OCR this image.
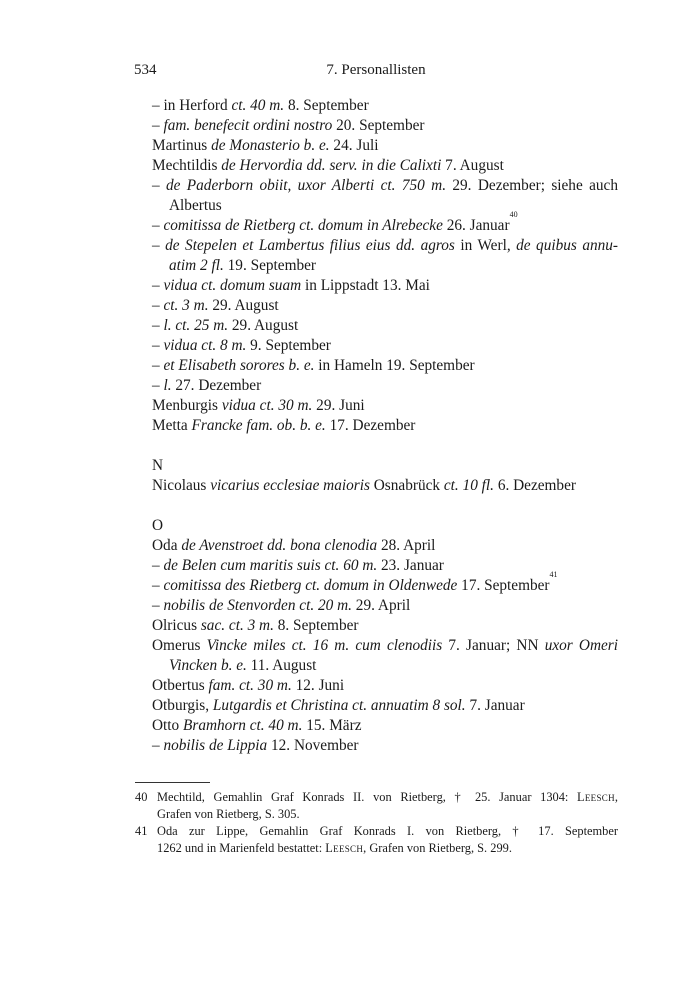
534	7. Personallisten
– in Herford ct. 40 m. 8. September
– fam. benefecit ordini nostro 20. September
Martinus de Monasterio b. e. 24. Juli
Mechtildis de Hervordia dd. serv. in die Calixti 7. August
– de Paderborn obiit, uxor Alberti ct. 750 m. 29. Dezember; siehe auch
Albertus
– comitissa de Rietberg ct. domum in Alrebecke 26. Januar$^{40}$
– de Stepelen et Lambertus filius eius dd. agros in Werl, de quibus annu-
atim 2 fl. 19. September
– vidua ct. domum suam in Lippstadt 13. Mai
– ct. 3 m. 29. August
– l. ct. 25 m. 29. August
– vidua ct. 8 m. 9. September
– et Elisabeth sorores b. e. in Hameln 19. September
– l. 27. Dezember
Menburgis vidua ct. 30 m. 29. Juni
Metta Francke fam. ob. b. e. 17. Dezember
N
Nicolaus vicarius ecclesiae maioris Osnabrück ct. 10 fl. 6. Dezember
O
Oda de Avenstroet dd. bona clenodia 28. April
– de Belen cum maritis suis ct. 60 m. 23. Januar
– comitissa des Rietberg ct. domum in Oldenwede 17. September$^{41}$
– nobilis de Stenvorden ct. 20 m. 29. April
Olricus sac. ct. 3 m. 8. September
Omerus Vincke miles ct. 16 m. cum clenodiis 7. Januar; NN uxor Omeri
Vincken b. e. 11. August
Otbertus fam. ct. 30 m. 12. Juni
Otburgis, Lutgardis et Christina ct. annuatim 8 sol. 7. Januar
Otto Bramhorn ct. 40 m. 15. März
– nobilis de Lippia 12. November
40 Mechtild, Gemahlin Graf Konrads II. von Rietberg, † 25. Januar 1304: Leesch,
Grafen von Rietberg, S. 305.
41 Oda zur Lippe, Gemahlin Graf Konrads I. von Rietberg, † 17. September
1262 und in Marienfeld bestattet: Leesch, Grafen von Rietberg, S. 299.
